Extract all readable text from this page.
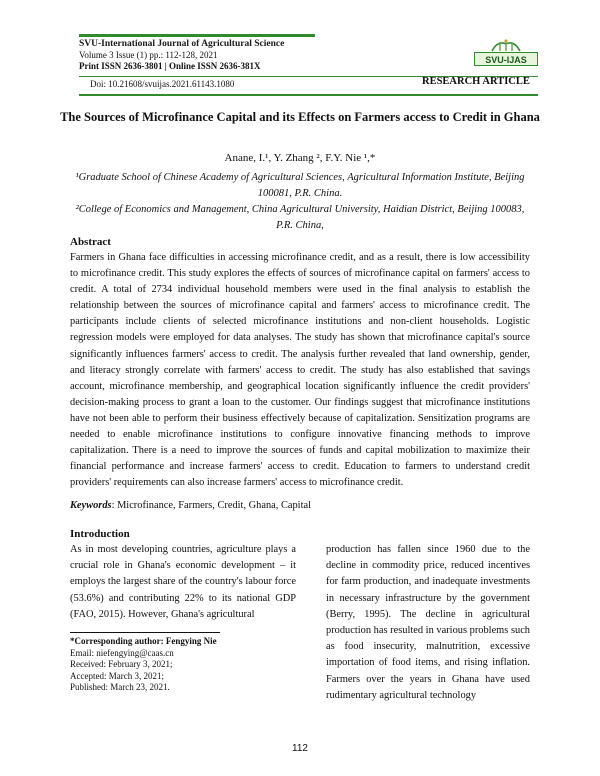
SVU-International Journal of Agricultural Science
Volume 3 Issue (1) pp.: 112-128, 2021
Print ISSN 2636-3801 | Online ISSN 2636-381X
Doi: 10.21608/svuijas.2021.61143.1080	RESEARCH ARTICLE
SVU-IJAS
The Sources of Microfinance Capital and its Effects on Farmers access to Credit in Ghana
Anane, I.¹, Y. Zhang ², F.Y. Nie ¹,*
¹Graduate School of Chinese Academy of Agricultural Sciences, Agricultural Information Institute, Beijing 100081, P.R. China.
²College of Economics and Management, China Agricultural University, Haidian District, Beijing 100083, P.R. China,
Abstract

Farmers in Ghana face difficulties in accessing microfinance credit, and as a result, there is low accessibility to microfinance credit. This study explores the effects of sources of microfinance capital on farmers' access to credit. A total of 2734 individual household members were used in the final analysis to establish the relationship between the sources of microfinance capital and farmers' access to microfinance credit. The participants include clients of selected microfinance institutions and non-client households. Logistic regression models were employed for data analyses. The study has shown that microfinance capital's source significantly influences farmers' access to credit. The analysis further revealed that land ownership, gender, and literacy strongly correlate with farmers' access to credit. The study has also established that savings account, microfinance membership, and geographical location significantly influence the credit providers' decision-making process to grant a loan to the customer. Our findings suggest that microfinance institutions have not been able to perform their business effectively because of capitalization. Sensitization programs are needed to enable microfinance institutions to configure innovative financing methods to improve capitalization. There is a need to improve the sources of funds and capital mobilization to maximize their financial performance and increase farmers' access to credit. Education to farmers to understand credit providers' requirements can also increase farmers' access to microfinance credit.

Keywords: Microfinance, Farmers, Credit, Ghana, Capital
Introduction

As in most developing countries, agriculture plays a crucial role in Ghana's economic development – it employs the largest share of the country's labour force (53.6%) and contributing 22% to its national GDP (FAO, 2015). However, Ghana's agricultural

production has fallen since 1960 due to the decline in commodity price, reduced incentives for farm production, and inadequate investments in necessary infrastructure by the government (Berry, 1995). The decline in agricultural production has resulted in various problems such as food insecurity, malnutrition, excessive importation of food items, and rising inflation. Farmers over the years in Ghana have used rudimentary agricultural technology

*Corresponding author: Fengying Nie
Email: niefengying@caas.cn
Received: February 3, 2021;
Accepted: March 3, 2021;
Published: March 23, 2021.
112
